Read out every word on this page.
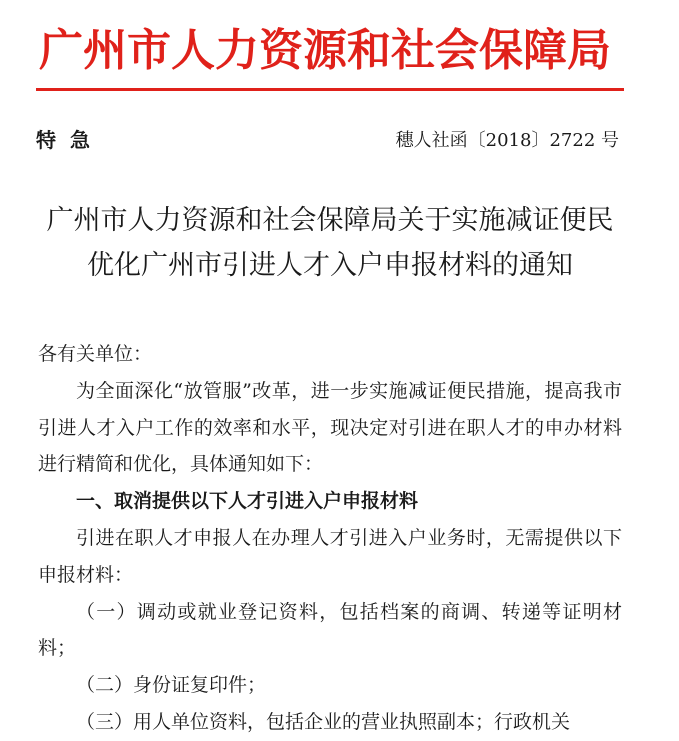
广州市人力资源和社会保障局
特急	穗人社函〔2018〕2722 号
广州市人力资源和社会保障局关于实施减证便民
优化广州市引进人才入户申报材料的通知

各有关单位：

为全面深化“放管服”改革，进一步实施减证便民措施，提高我市引进人才入户工作的效率和水平，现决定对引进在职人才的申办材料进行精简和优化，具体通知如下：

一、取消提供以下人才引进入户申报材料

引进在职人才申报人在办理人才引进入户业务时，无需提供以下申报材料：

（一）调动或就业登记资料，包括档案的商调、转递等证明材料；

（二）身份证复印件；

（三）用人单位资料，包括企业的营业执照副本；行政机关
